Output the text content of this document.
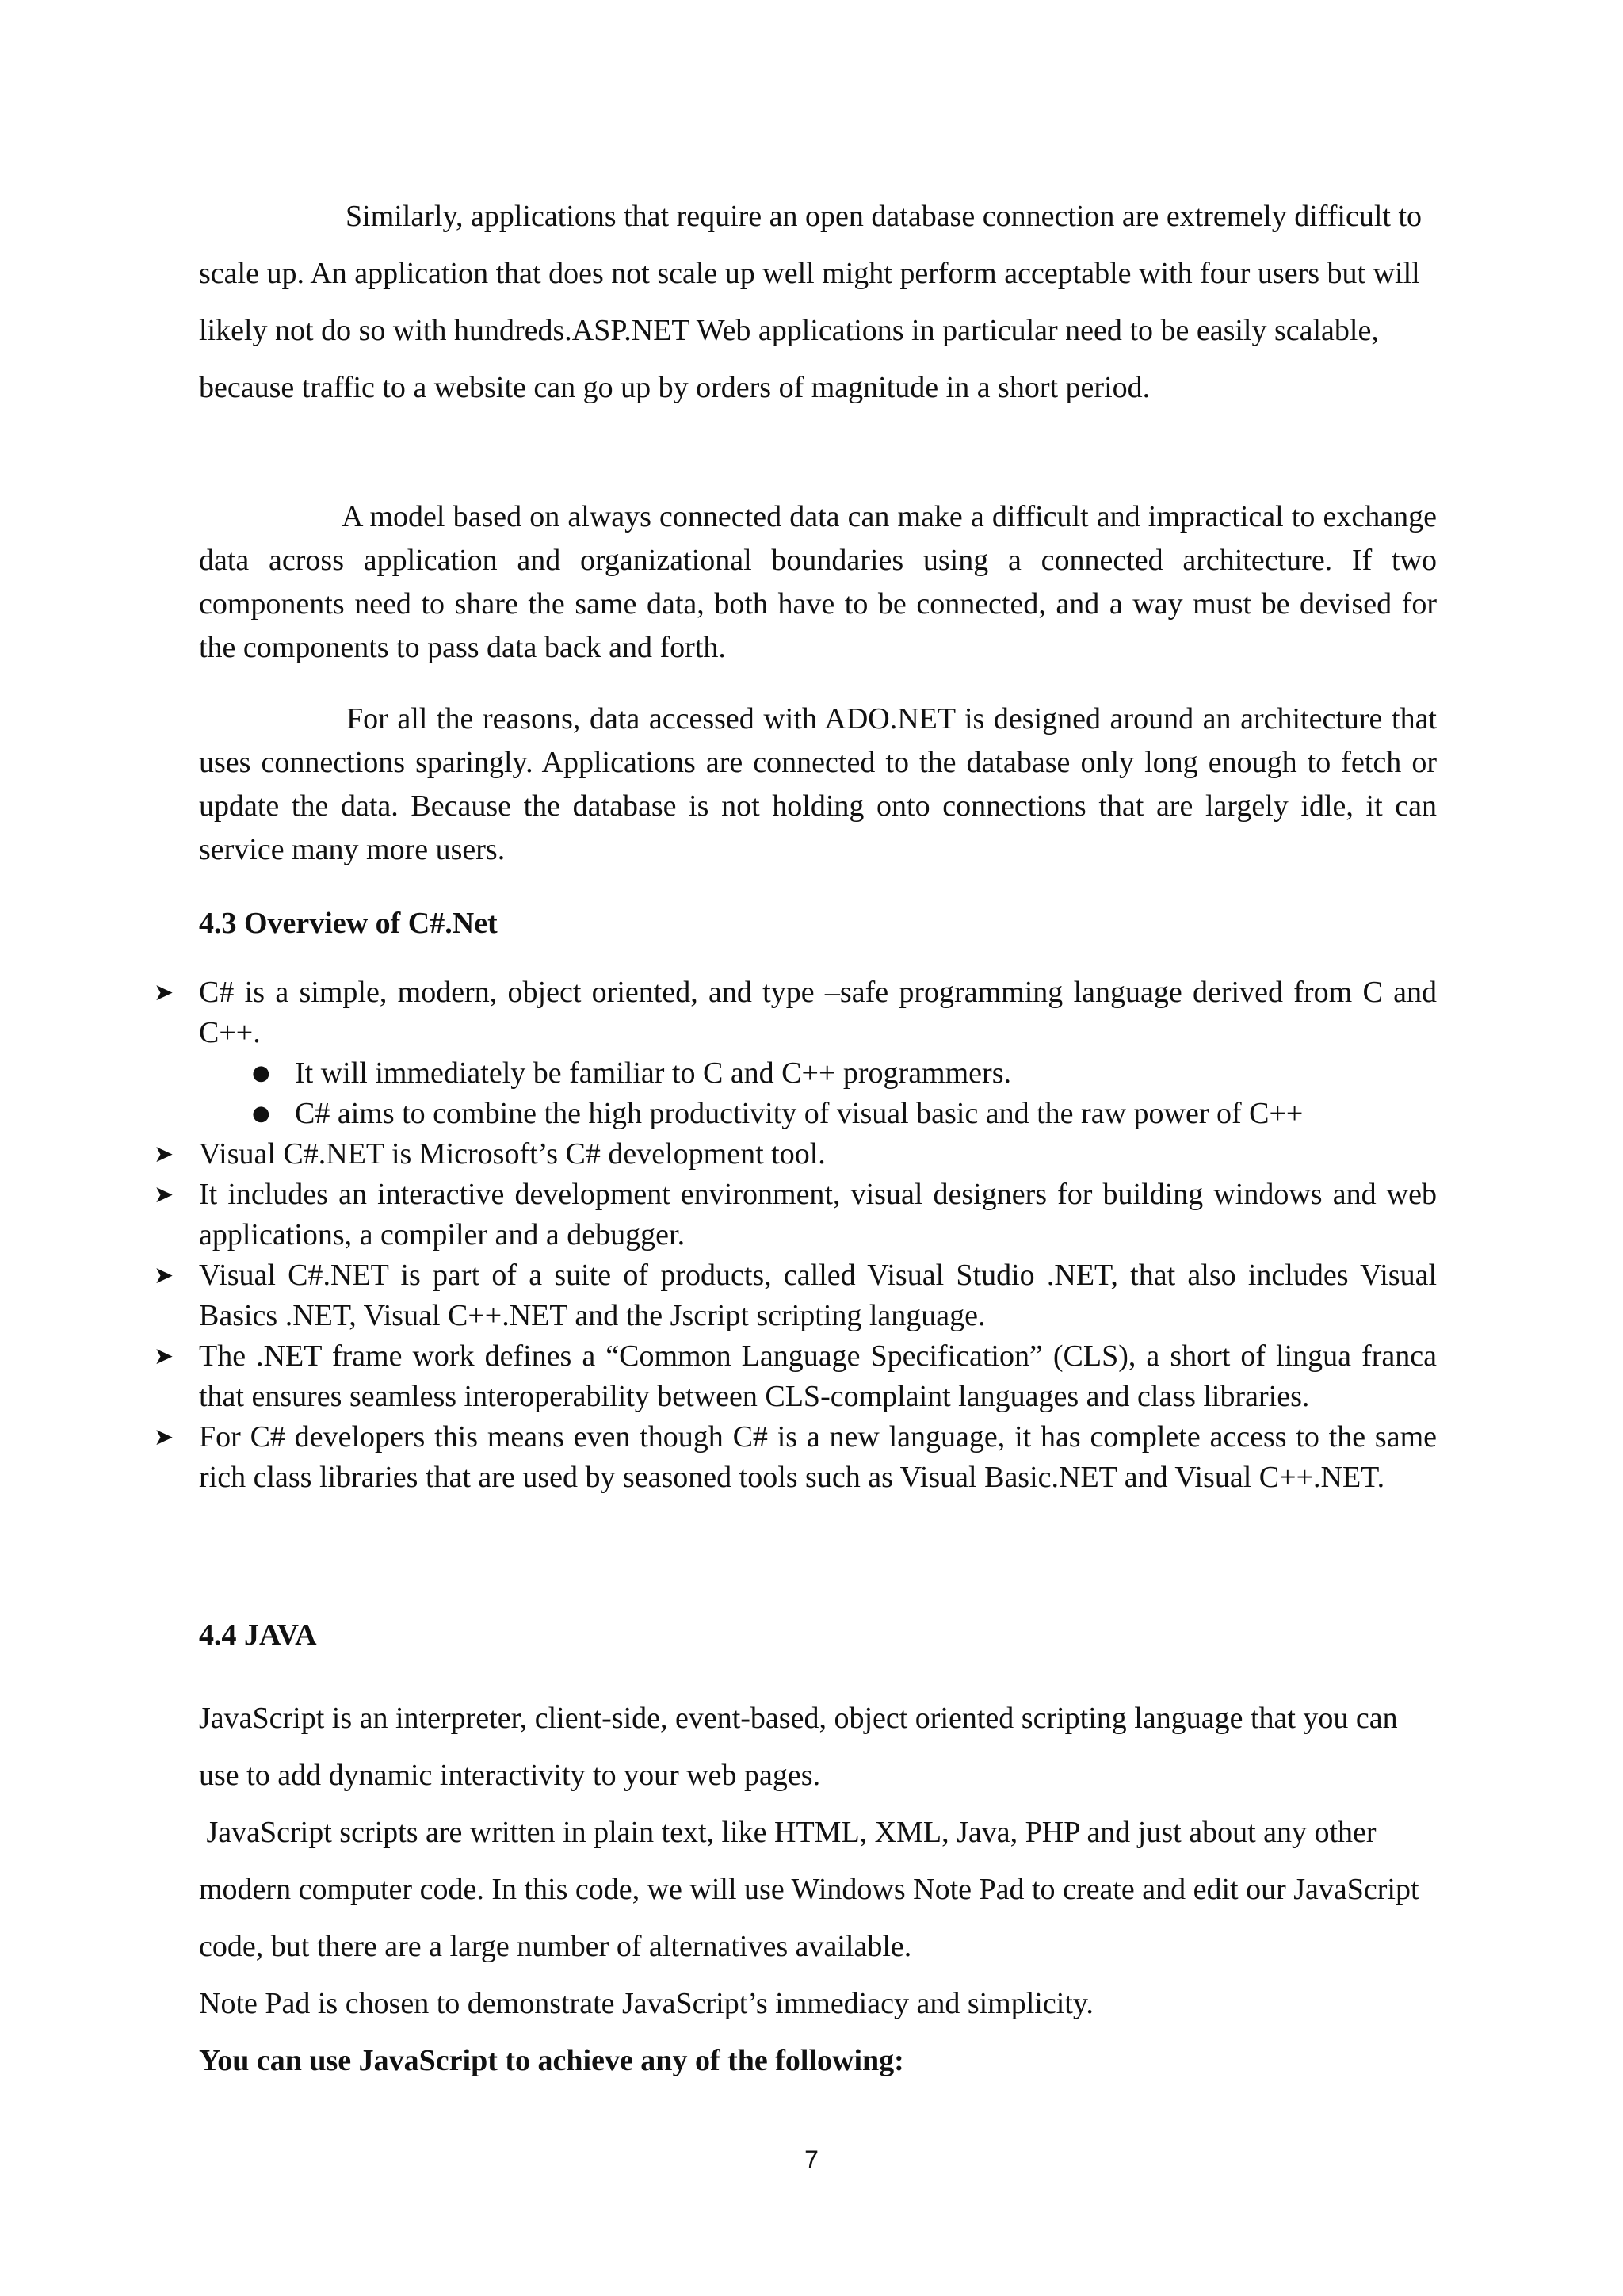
Similarly, applications that require an open database connection are extremely difficult to scale up. An application that does not scale up well might perform acceptable with four users but will likely not do so with hundreds.ASP.NET Web applications in particular need to be easily scalable, because traffic to a website can go up by orders of magnitude in a short period.

A model based on always connected data can make a difficult and impractical to exchange data across application and organizational boundaries using a connected architecture. If two components need to share the same data, both have to be connected, and a way must be devised for the components to pass data back and forth.

For all the reasons, data accessed with ADO.NET is designed around an architecture that uses connections sparingly. Applications are connected to the database only long enough to fetch or update the data. Because the database is not holding onto connections that are largely idle, it can service many more users.

4.3 Overview of C#.Net
➤ C# is a simple, modern, object oriented, and type –safe programming language derived from C and C++.
● It will immediately be familiar to C and C++ programmers.
● C# aims to combine the high productivity of visual basic and the raw power of C++
➤ Visual C#.NET is Microsoft’s C# development tool.
➤ It includes an interactive development environment, visual designers for building windows and web applications, a compiler and a debugger.
➤ Visual C#.NET is part of a suite of products, called Visual Studio .NET, that also includes Visual Basics .NET, Visual C++.NET and the Jscript scripting language.
➤ The .NET frame work defines a “Common Language Specification” (CLS), a short of lingua franca that ensures seamless interoperability between CLS-complaint languages and class libraries.
➤ For C# developers this means even though C# is a new language, it has complete access to the same rich class libraries that are used by seasoned tools such as Visual Basic.NET and Visual C++.NET.
4.4 JAVA

JavaScript is an interpreter, client-side, event-based, object oriented scripting language that you can use to add dynamic interactivity to your web pages.

JavaScript scripts are written in plain text, like HTML, XML, Java, PHP and just about any other modern computer code. In this code, we will use Windows Note Pad to create and edit our JavaScript code, but there are a large number of alternatives available.

Note Pad is chosen to demonstrate JavaScript’s immediacy and simplicity.

You can use JavaScript to achieve any of the following:

7
